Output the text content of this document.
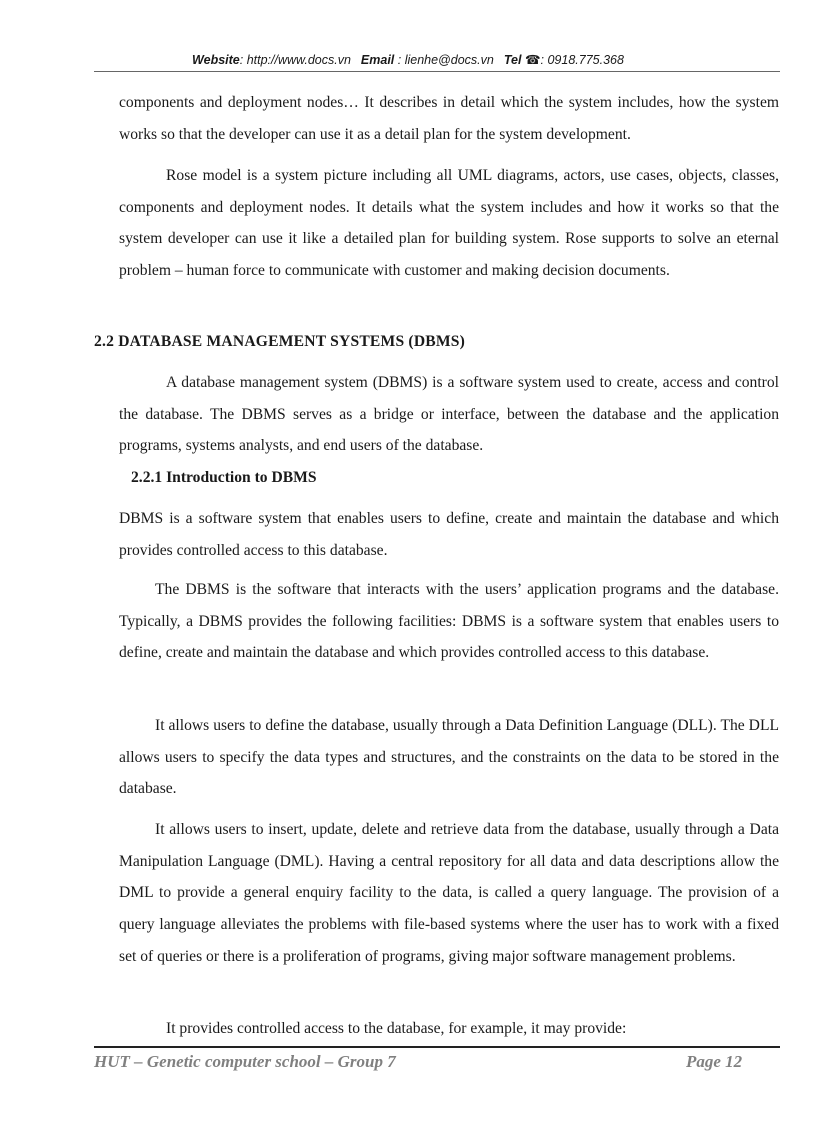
Website: http://www.docs.vn Email : lienhe@docs.vn Tel ☎: 0918.775.368

components and deployment nodes… It describes in detail which the system includes, how the system works so that the developer can use it as a detail plan for the system development.

Rose model is a system picture including all UML diagrams, actors, use cases, objects, classes, components and deployment nodes. It details what the system includes and how it works so that the system developer can use it like a detailed plan for building system. Rose supports to solve an eternal problem – human force to communicate with customer and making decision documents.

2.2 DATABASE MANAGEMENT SYSTEMS (DBMS)

A database management system (DBMS) is a software system used to create, access and control the database. The DBMS serves as a bridge or interface, between the database and the application programs, systems analysts, and end users of the database.

2.2.1 Introduction to DBMS

DBMS is a software system that enables users to define, create and maintain the database and which provides controlled access to this database.

The DBMS is the software that interacts with the users’ application programs and the database. Typically, a DBMS provides the following facilities: DBMS is a software system that enables users to define, create and maintain the database and which provides controlled access to this database.

It allows users to define the database, usually through a Data Definition Language (DLL). The DLL allows users to specify the data types and structures, and the constraints on the data to be stored in the database.

It allows users to insert, update, delete and retrieve data from the database, usually through a Data Manipulation Language (DML). Having a central repository for all data and data descriptions allow the DML to provide a general enquiry facility to the data, is called a query language. The provision of a query language alleviates the problems with file-based systems where the user has to work with a fixed set of queries or there is a proliferation of programs, giving major software management problems.

It provides controlled access to the database, for example, it may provide:

HUT – Genetic computer school – Group 7	Page 12
